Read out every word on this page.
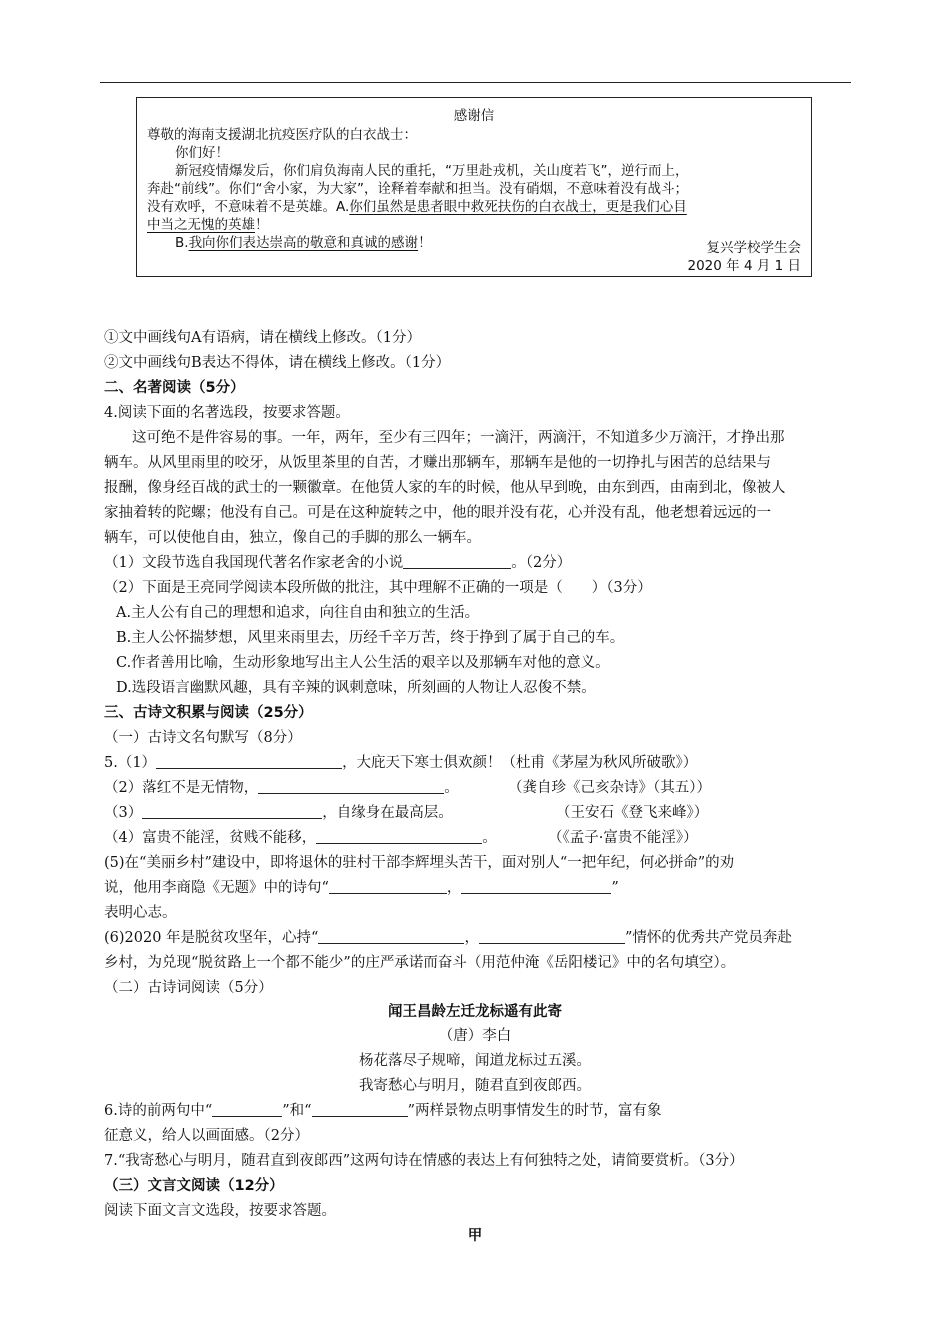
感谢信
尊敬的海南支援湖北抗疫医疗队的白衣战士：
你们好！
新冠疫情爆发后，你们肩负海南人民的重托，“万里赴戎机，关山度若飞”，逆行而上，
奔赴“前线”。你们“舍小家，为大家”，诠释着奉献和担当。没有硝烟，不意味着没有战斗；
没有欢呼，不意味着不是英雄。A.你们虽然是患者眼中救死扶伤的白衣战士，更是我们心目
中当之无愧的英雄！
B.我向你们表达崇高的敬意和真诚的感谢！	复兴学校学生会
2020 年 4 月 1 日
①文中画线句A有语病，请在横线上修改。（1分）
②文中画线句B表达不得体，请在横线上修改。（1分）
二、名著阅读（5分）
4.阅读下面的名著选段，按要求答题。
这可绝不是件容易的事。一年，两年，至少有三四年；一滴汗，两滴汗，不知道多少万滴汗，才挣出那
辆车。从风里雨里的咬牙，从饭里茶里的自苦，才赚出那辆车，那辆车是他的一切挣扎与困苦的总结果与
报酬，像身经百战的武士的一颗徽章。在他赁人家的车的时候，他从早到晚，由东到西，由南到北，像被人
家抽着转的陀螺；他没有自己。可是在这种旋转之中，他的眼并没有花，心并没有乱，他老想着远远的一
辆车，可以使他自由，独立，像自己的手脚的那么一辆车。
（1）文段节选自我国现代著名作家老舍的小说	。（2分）
（2）下面是王亮同学阅读本段所做的批注，其中理解不正确的一项是（　　）（3分）
A.主人公有自己的理想和追求，向往自由和独立的生活。
B.主人公怀揣梦想，风里来雨里去，历经千辛万苦，终于挣到了属于自己的车。
C.作者善用比喻，生动形象地写出主人公生活的艰辛以及那辆车对他的意义。
D.选段语言幽默风趣，具有辛辣的讽刺意味，所刻画的人物让人忍俊不禁。
三、古诗文积累与阅读（25分）
（一）古诗文名句默写（8分）
5.（1）	，大庇天下寒士俱欢颜！（杜甫《茅屋为秋风所破歌》）
（2）落红不是无情物，	。	（龚自珍《己亥杂诗》（其五））
（3）	，自缘身在最高层。	（王安石《登飞来峰》）
（4）富贵不能淫，贫贱不能移，	。	（《孟子·富贵不能淫》）
(5)在“美丽乡村”建设中，即将退休的驻村干部李辉埋头苦干，面对别人“一把年纪，何必拼命”的劝
说，他用李商隐《无题》中的诗句“	，	”
表明心志。
(6)2020 年是脱贫攻坚年，心持“	，	”情怀的优秀共产党员奔赴
乡村，为兑现“脱贫路上一个都不能少”的庄严承诺而奋斗（用范仲淹《岳阳楼记》中的名句填空）。
（二）古诗词阅读（5分）
闻王昌龄左迁龙标遥有此寄
（唐）李白
杨花落尽子规啼，闻道龙标过五溪。
我寄愁心与明月，随君直到夜郎西。
6.诗的前两句中“	”和“	”两样景物点明事情发生的时节，富有象
征意义，给人以画面感。（2分）
7.“我寄愁心与明月，随君直到夜郎西”这两句诗在情感的表达上有何独特之处，请简要赏析。（3分）
（三）文言文阅读（12分）
阅读下面文言文选段，按要求答题。
甲
